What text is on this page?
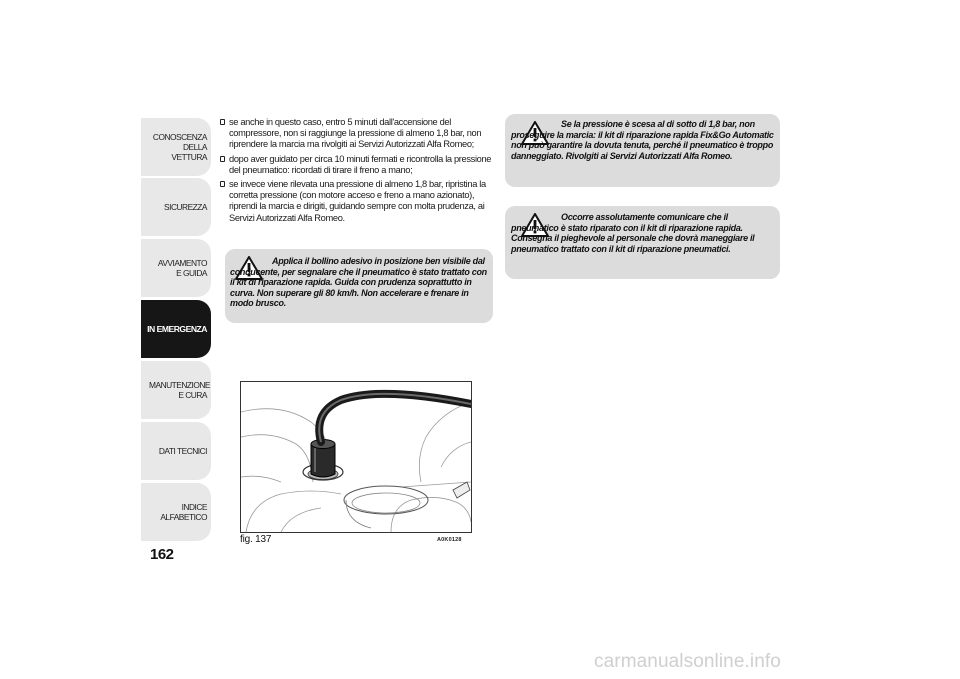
CONOSCENZA DELLA VETTURA
SICUREZZA
AVVIAMENTO E GUIDA
IN EMERGENZA
MANUTENZIONE E CURA
DATI TECNICI
INDICE ALFABETICO
162
se anche in questo caso, entro 5 minuti dall'accensione del compressore, non si raggiunge la pressione di almeno 1,8 bar, non riprendere la marcia ma rivolgiti ai Servizi Autorizzati Alfa Romeo;
dopo aver guidato per circa 10 minuti fermati e ricontrolla la pressione del pneumatico: ricordati di tirare il freno a mano;
se invece viene rilevata una pressione di almeno 1,8 bar, ripristina la corretta pressione (con motore acceso e freno a mano azionato), riprendi la marcia e dirigiti, guidando sempre con molta prudenza, ai Servizi Autorizzati Alfa Romeo.
Applica il bollino adesivo in posizione ben visibile dal conducente, per segnalare che il pneumatico è stato trattato con il kit di riparazione rapida. Guida con prudenza soprattutto in curva. Non superare gli 80 km/h. Non accelerare e frenare in modo brusco.
Se la pressione è scesa al di sotto di 1,8 bar, non proseguire la marcia: il kit di riparazione rapida Fix&Go Automatic non può garantire la dovuta tenuta, perché il pneumatico è troppo danneggiato. Rivolgiti ai Servizi Autorizzati Alfa Romeo.
Occorre assolutamente comunicare che il pneumatico è stato riparato con il kit di riparazione rapida. Consegna il pieghevole al personale che dovrà maneggiare il pneumatico trattato con il kit di riparazione pneumatici.
fig. 137	A0K0128
carmanualsonline.info
